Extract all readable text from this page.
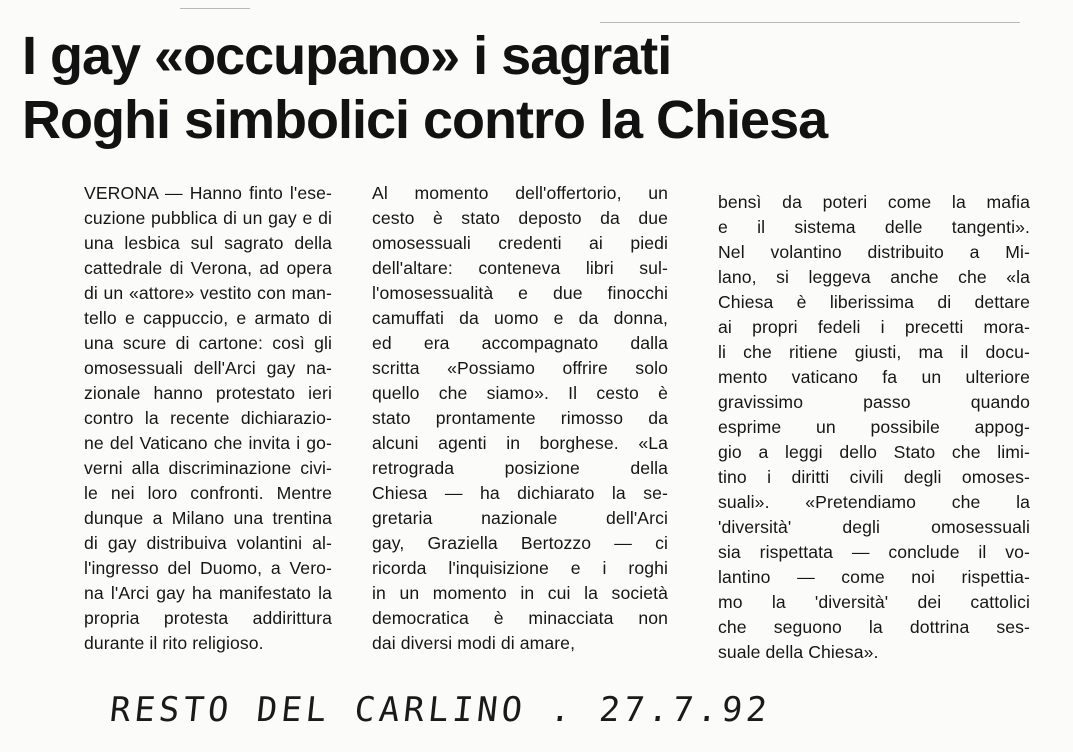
I gay «occupano» i sagrati
Roghi simbolici contro la Chiesa
VERONA — Hanno finto l'ese-
cuzione pubblica di un gay e di
una lesbica sul sagrato della
cattedrale di Verona, ad opera
di un «attore» vestito con man-
tello e cappuccio, e armato di
una scure di cartone: così gli
omosessuali dell'Arci gay na-
zionale hanno protestato ieri
contro la recente dichiarazio-
ne del Vaticano che invita i go-
verni alla discriminazione civi-
le nei loro confronti. Mentre
dunque a Milano una trentina
di gay distribuiva volantini al-
l'ingresso del Duomo, a Vero-
na l'Arci gay ha manifestato la
propria protesta addirittura
durante il rito religioso.
Al momento dell'offertorio, un
cesto è stato deposto da due
omosessuali credenti ai piedi
dell'altare: conteneva libri sul-
l'omosessualità e due finocchi
camuffati da uomo e da donna,
ed era accompagnato dalla
scritta «Possiamo offrire solo
quello che siamo». Il cesto è
stato prontamente rimosso da
alcuni agenti in borghese. «La
retrograda posizione della
Chiesa — ha dichiarato la se-
gretaria nazionale dell'Arci
gay, Graziella Bertozzo — ci
ricorda l'inquisizione e i roghi
in un momento in cui la società
democratica è minacciata non
dai diversi modi di amare,
bensì da poteri come la mafia
e il sistema delle tangenti».
Nel volantino distribuito a Mi-
lano, si leggeva anche che «la
Chiesa è liberissima di dettare
ai propri fedeli i precetti mora-
li che ritiene giusti, ma il docu-
mento vaticano fa un ulteriore
gravissimo passo quando
esprime un possibile appog-
gio a leggi dello Stato che limi-
tino i diritti civili degli omoses-
suali». «Pretendiamo che la
'diversità' degli omosessuali
sia rispettata — conclude il vo-
lantino — come noi rispettia-
mo la 'diversità' dei cattolici
che seguono la dottrina ses-
suale della Chiesa».
RESTO DEL CARLINO . 27.7.92
